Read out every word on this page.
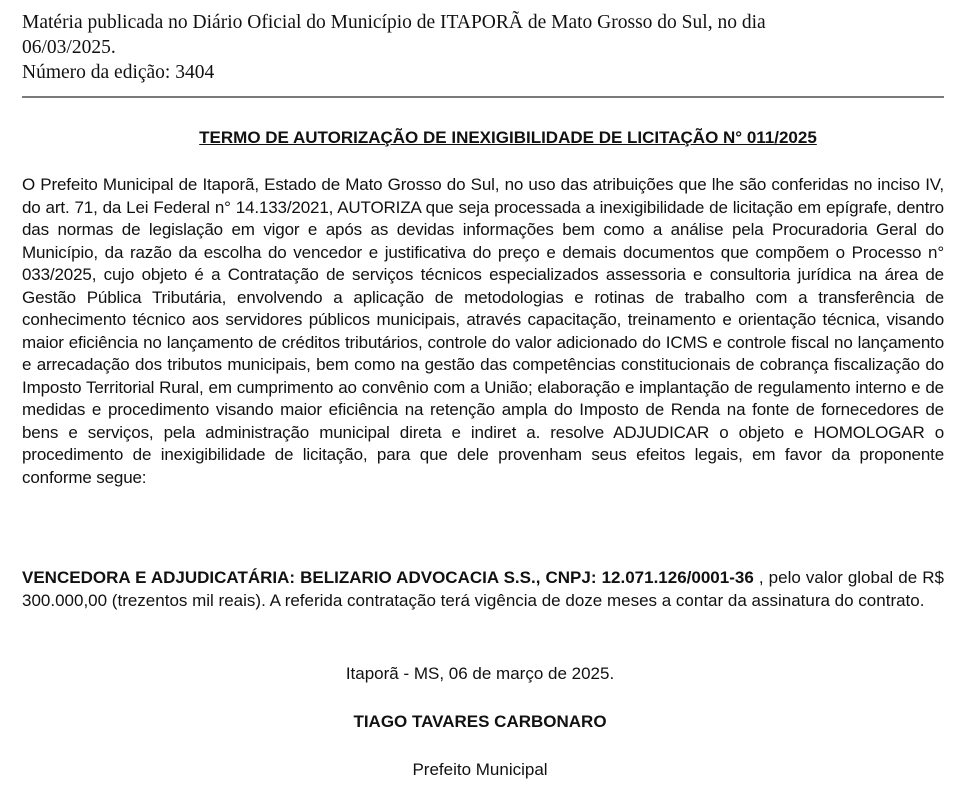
Matéria publicada no Diário Oficial do Município de ITAPORÃ de Mato Grosso do Sul, no dia
06/03/2025.
Número da edição: 3404
TERMO DE AUTORIZAÇÃO DE INEXIGIBILIDADE DE LICITAÇÃO N° 011/2025
O Prefeito Municipal de Itaporã, Estado de Mato Grosso do Sul, no uso das atribuições que lhe são conferidas no inciso IV, do art. 71, da Lei Federal n° 14.133/2021, AUTORIZA que seja processada a inexigibilidade de licitação em epígrafe, dentro das normas de legislação em vigor e após as devidas informações bem como a análise pela Procuradoria Geral do Município, da razão da escolha do vencedor e justificativa do preço e demais documentos que compõem o Processo n° 033/2025, cujo objeto é a Contratação de serviços técnicos especializados assessoria e consultoria jurídica na área de Gestão Pública Tributária, envolvendo a aplicação de metodologias e rotinas de trabalho com a transferência de conhecimento técnico aos servidores públicos municipais, através capacitação, treinamento e orientação técnica, visando maior eficiência no lançamento de créditos tributários, controle do valor adicionado do ICMS e controle fiscal no lançamento e arrecadação dos tributos municipais, bem como na gestão das competências constitucionais de cobrança fiscalização do Imposto Territorial Rural, em cumprimento ao convênio com a União; elaboração e implantação de regulamento interno e de medidas e procedimento visando maior eficiência na retenção ampla do Imposto de Renda na fonte de fornecedores de bens e serviços, pela administração municipal direta e indiret a. resolve ADJUDICAR o objeto e HOMOLOGAR o procedimento de inexigibilidade de licitação, para que dele provenham seus efeitos legais, em favor da proponente conforme segue:
VENCEDORA E ADJUDICATÁRIA: BELIZARIO ADVOCACIA S.S., CNPJ: 12.071.126/0001-36 , pelo valor global de R$ 300.000,00 (trezentos mil reais). A referida contratação terá vigência de doze meses a contar da assinatura do contrato.
Itaporã - MS, 06 de março de 2025.
TIAGO TAVARES CARBONARO
Prefeito Municipal
